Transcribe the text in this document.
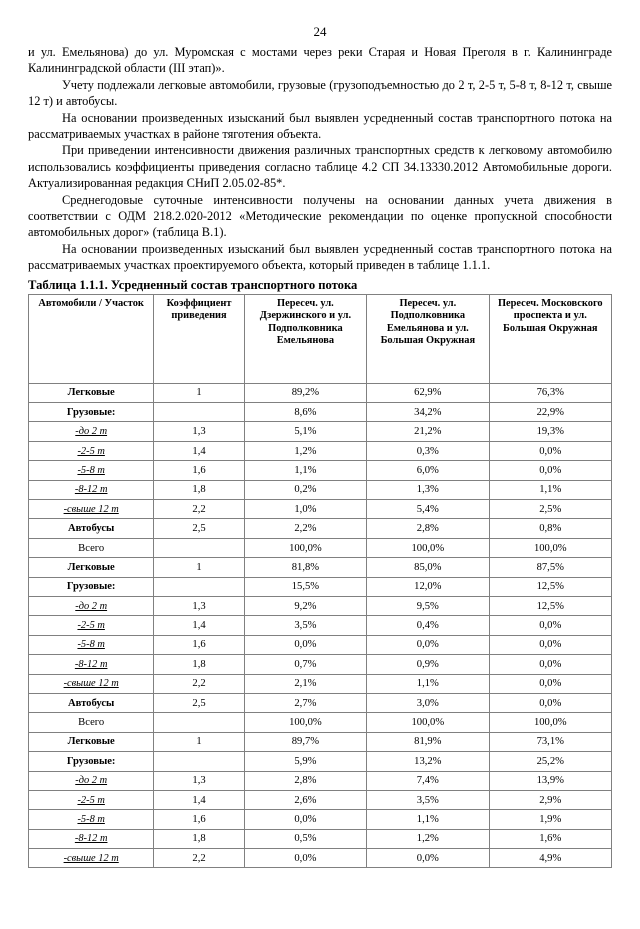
24

и ул. Емельянова) до ул. Муромская с мостами через реки Старая и Новая Преголя в г. Калининграде Калининградской области (III этап)».

Учету подлежали легковые автомобили, грузовые (грузоподъемностью до 2 т, 2-5 т, 5-8 т, 8-12 т, свыше 12 т) и автобусы.

На основании произведенных изысканий был выявлен усредненный состав транспортного потока на рассматриваемых участках в районе тяготения объекта.

При приведении интенсивности движения различных транспортных средств к легковому автомобилю использовались коэффициенты приведения согласно таблице 4.2 СП 34.13330.2012 Автомобильные дороги. Актуализированная редакция СНиП 2.05.02-85*.

Среднегодовые суточные интенсивности получены на основании данных учета движения в соответствии с ОДМ 218.2.020-2012 «Методические рекомендации по оценке пропускной способности автомобильных дорог» (таблица В.1).

На основании произведенных изысканий был выявлен усредненный состав транспортного потока на рассматриваемых участках проектируемого объекта, который приведен в таблице 1.1.1.

Таблица 1.1.1. Усредненный состав транспортного потока
Автомобили / Участок	Коэффициент приведения	Пересеч. ул. Дзержинского и ул. Подполковника Емельянова	Пересеч. ул. Подполковника Емельянова и ул. Большая Окружная	Пересеч. Московского проспекта и ул. Большая Окружная
Легковые	1	89,2%	62,9%	76,3%
Грузовые:		8,6%	34,2%	22,9%
-до 2 т	1,3	5,1%	21,2%	19,3%
-2-5 т	1,4	1,2%	0,3%	0,0%
-5-8 т	1,6	1,1%	6,0%	0,0%
-8-12 т	1,8	0,2%	1,3%	1,1%
-свыше 12 т	2,2	1,0%	5,4%	2,5%
Автобусы	2,5	2,2%	2,8%	0,8%
Всего		100,0%	100,0%	100,0%
Легковые	1	81,8%	85,0%	87,5%
Грузовые:		15,5%	12,0%	12,5%
-до 2 т	1,3	9,2%	9,5%	12,5%
-2-5 т	1,4	3,5%	0,4%	0,0%
-5-8 т	1,6	0,0%	0,0%	0,0%
-8-12 т	1,8	0,7%	0,9%	0,0%
-свыше 12 т	2,2	2,1%	1,1%	0,0%
Автобусы	2,5	2,7%	3,0%	0,0%
Всего		100,0%	100,0%	100,0%
Легковые	1	89,7%	81,9%	73,1%
Грузовые:		5,9%	13,2%	25,2%
-до 2 т	1,3	2,8%	7,4%	13,9%
-2-5 т	1,4	2,6%	3,5%	2,9%
-5-8 т	1,6	0,0%	1,1%	1,9%
-8-12 т	1,8	0,5%	1,2%	1,6%
-свыше 12 т	2,2	0,0%	0,0%	4,9%
